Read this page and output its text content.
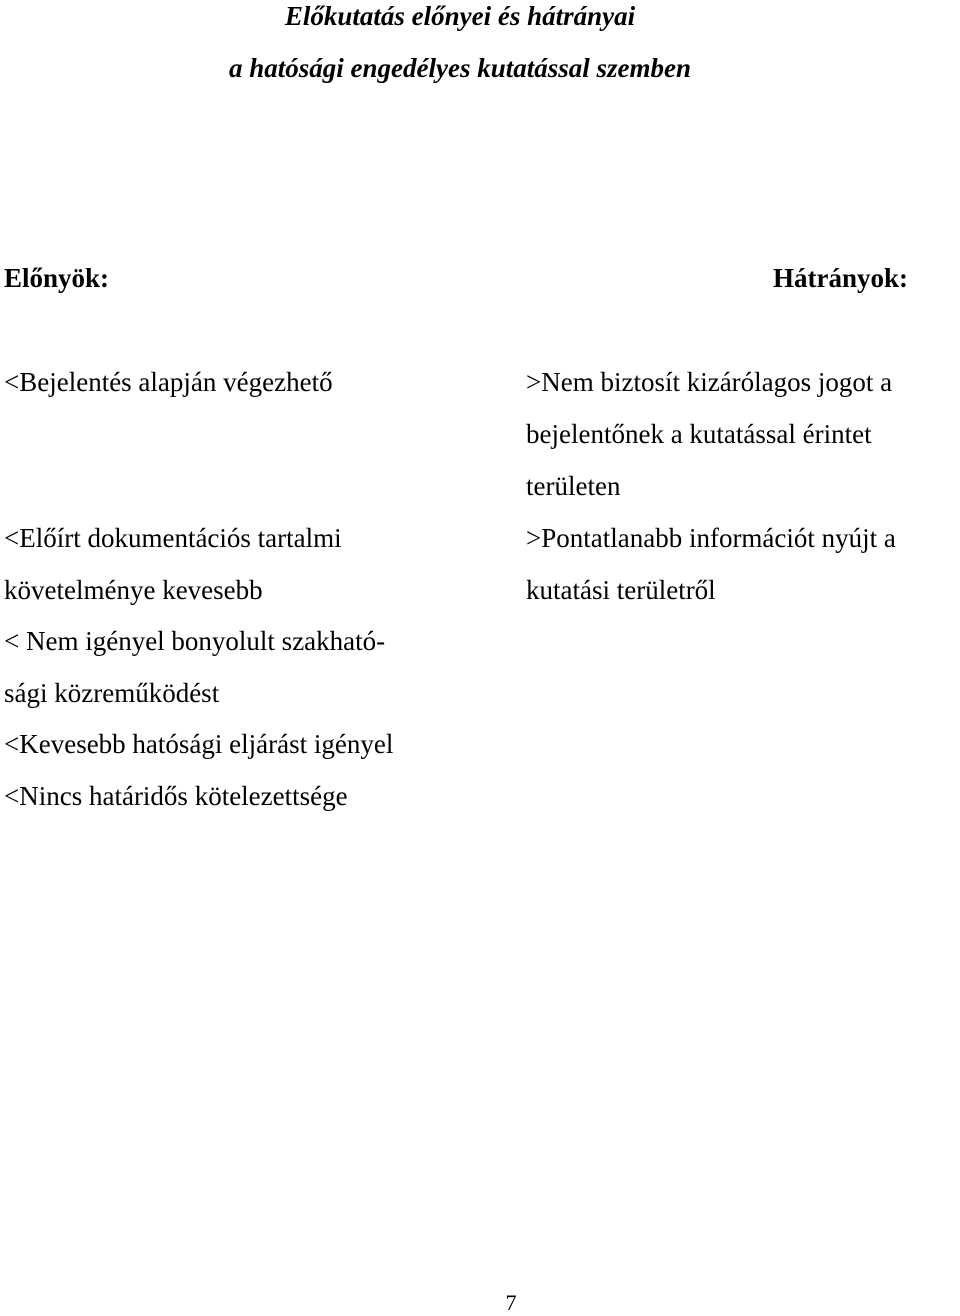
Előkutatás előnyei és hátrányai
a hatósági engedélyes kutatással szemben
Előnyök:	Hátrányok:

<Bejelentés alapján végezhető

<Előírt dokumentációs tartalmi

követelménye kevesebb

< Nem igényel bonyolult szakható-

sági közreműködést

<Kevesebb hatósági eljárást igényel

<Nincs határidős kötelezettsége

>Nem biztosít kizárólagos jogot a

bejelentőnek a kutatással érintet

területen

>Pontatlanabb információt nyújt a

kutatási területről

7
